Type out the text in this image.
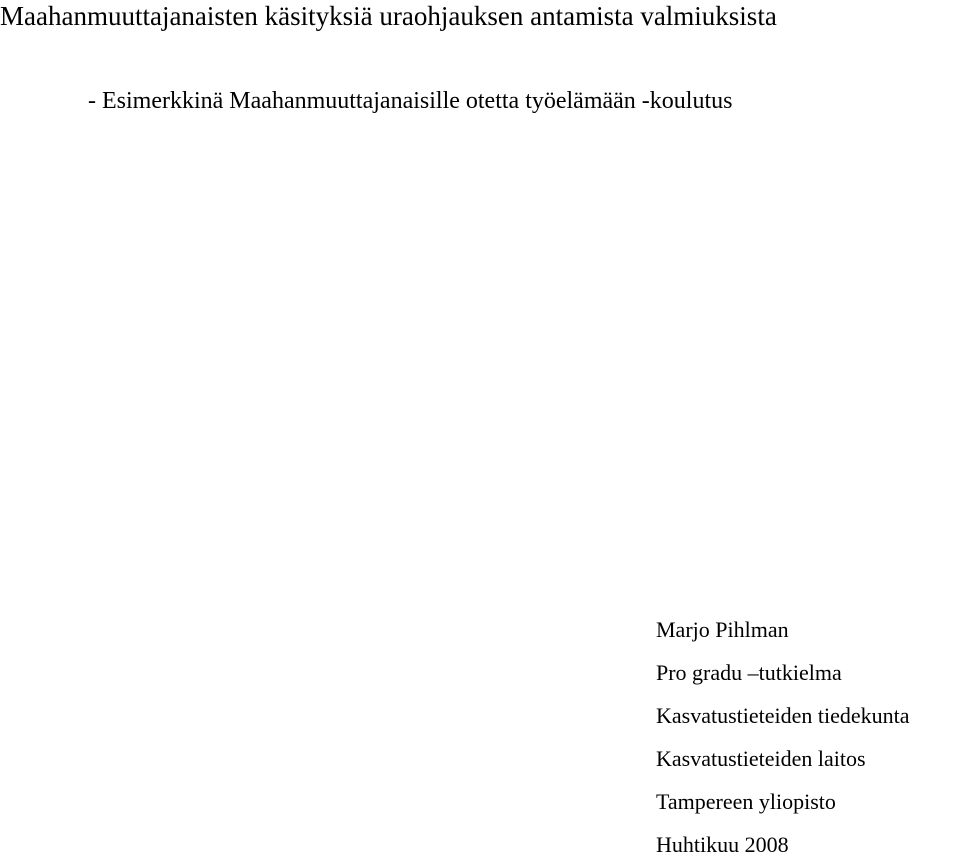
Maahanmuuttajanaisten käsityksiä uraohjauksen antamista valmiuksista
- Esimerkkinä Maahanmuuttajanaisille otetta työelämään -koulutus
Marjo Pihlman
Pro gradu –tutkielma
Kasvatustieteiden tiedekunta
Kasvatustieteiden laitos
Tampereen yliopisto
Huhtikuu 2008
